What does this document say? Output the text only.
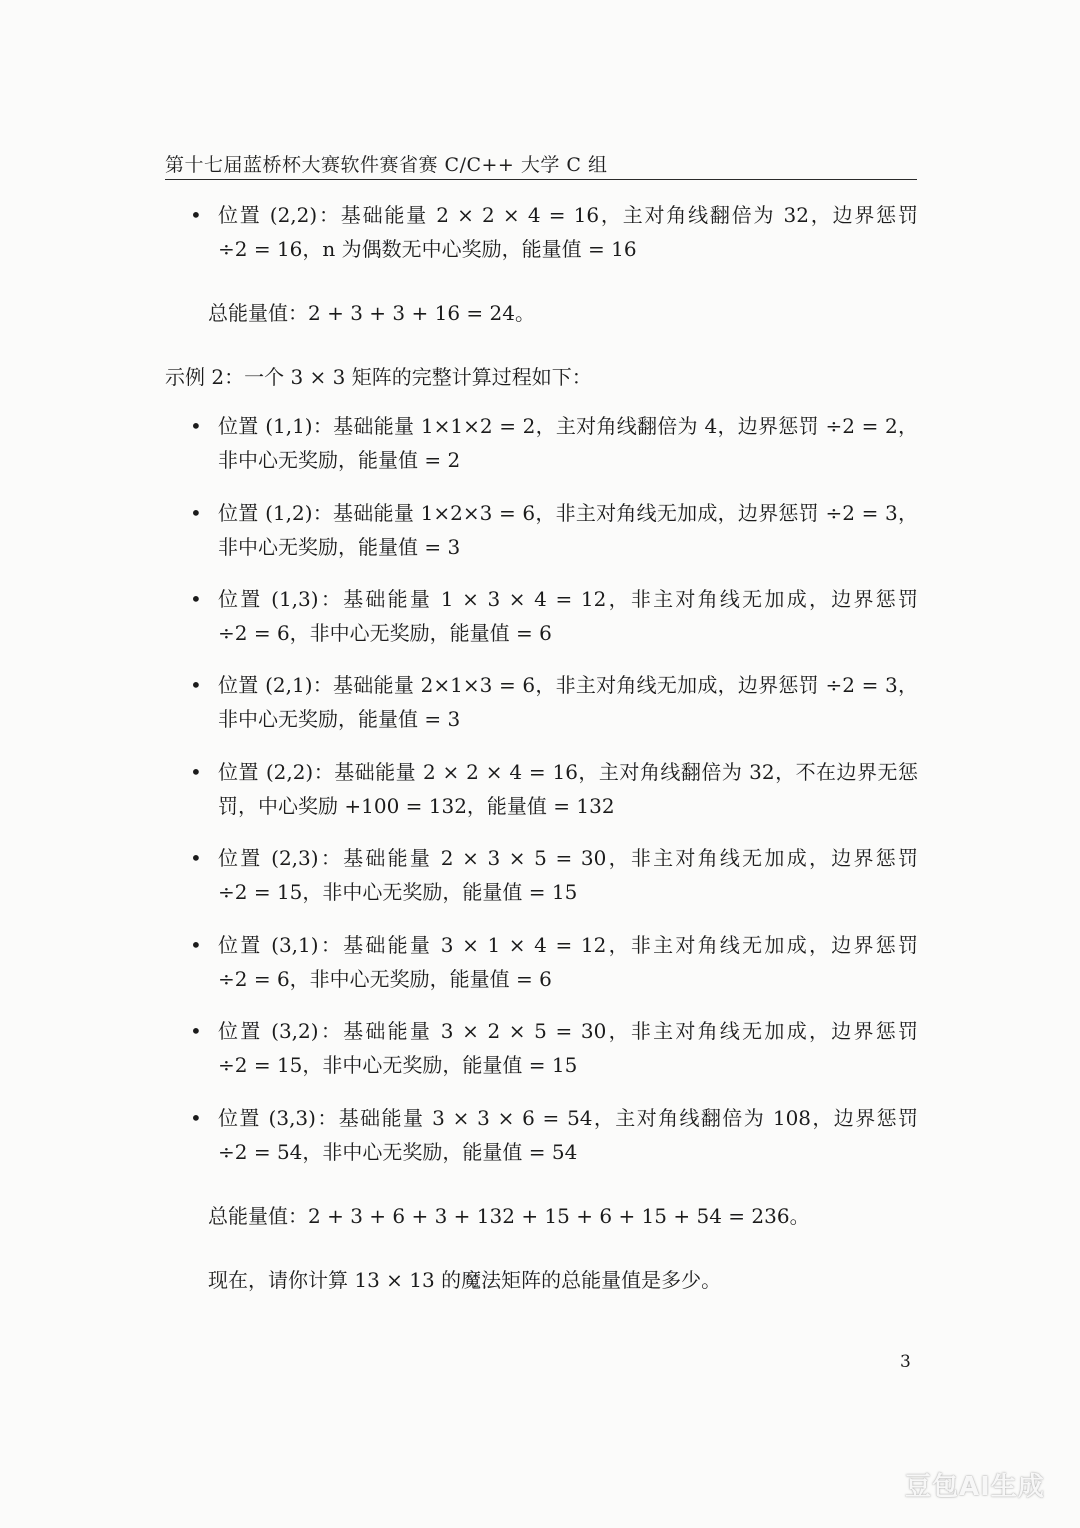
第十七届蓝桥杯大赛软件赛省赛 C/C++ 大学 C 组
• 位置 (2,2)：基础能量 2 × 2 × 4 = 16，主对角线翻倍为 32，边界惩罚
÷2 = 16，n 为偶数无中心奖励，能量值 = 16
总能量值：2 + 3 + 3 + 16 = 24。
示例 2：一个 3 × 3 矩阵的完整计算过程如下：
• 位置 (1,1)：基础能量 1×1×2 = 2，主对角线翻倍为 4，边界惩罚 ÷2 = 2，
非中心无奖励，能量值 = 2
• 位置 (1,2)：基础能量 1×2×3 = 6，非主对角线无加成，边界惩罚 ÷2 = 3，
非中心无奖励，能量值 = 3
• 位置 (1,3)：基础能量 1 × 3 × 4 = 12，非主对角线无加成，边界惩罚
÷2 = 6，非中心无奖励，能量值 = 6
• 位置 (2,1)：基础能量 2×1×3 = 6，非主对角线无加成，边界惩罚 ÷2 = 3，
非中心无奖励，能量值 = 3
• 位置 (2,2)：基础能量 2 × 2 × 4 = 16，主对角线翻倍为 32，不在边界无惩
罚，中心奖励 +100 = 132，能量值 = 132
• 位置 (2,3)：基础能量 2 × 3 × 5 = 30，非主对角线无加成，边界惩罚
÷2 = 15，非中心无奖励，能量值 = 15
• 位置 (3,1)：基础能量 3 × 1 × 4 = 12，非主对角线无加成，边界惩罚
÷2 = 6，非中心无奖励，能量值 = 6
• 位置 (3,2)：基础能量 3 × 2 × 5 = 30，非主对角线无加成，边界惩罚
÷2 = 15，非中心无奖励，能量值 = 15
• 位置 (3,3)：基础能量 3 × 3 × 6 = 54，主对角线翻倍为 108，边界惩罚
÷2 = 54，非中心无奖励，能量值 = 54
总能量值：2 + 3 + 6 + 3 + 132 + 15 + 6 + 15 + 54 = 236。
现在，请你计算 13 × 13 的魔法矩阵的总能量值是多少。
3
豆包AI生成
